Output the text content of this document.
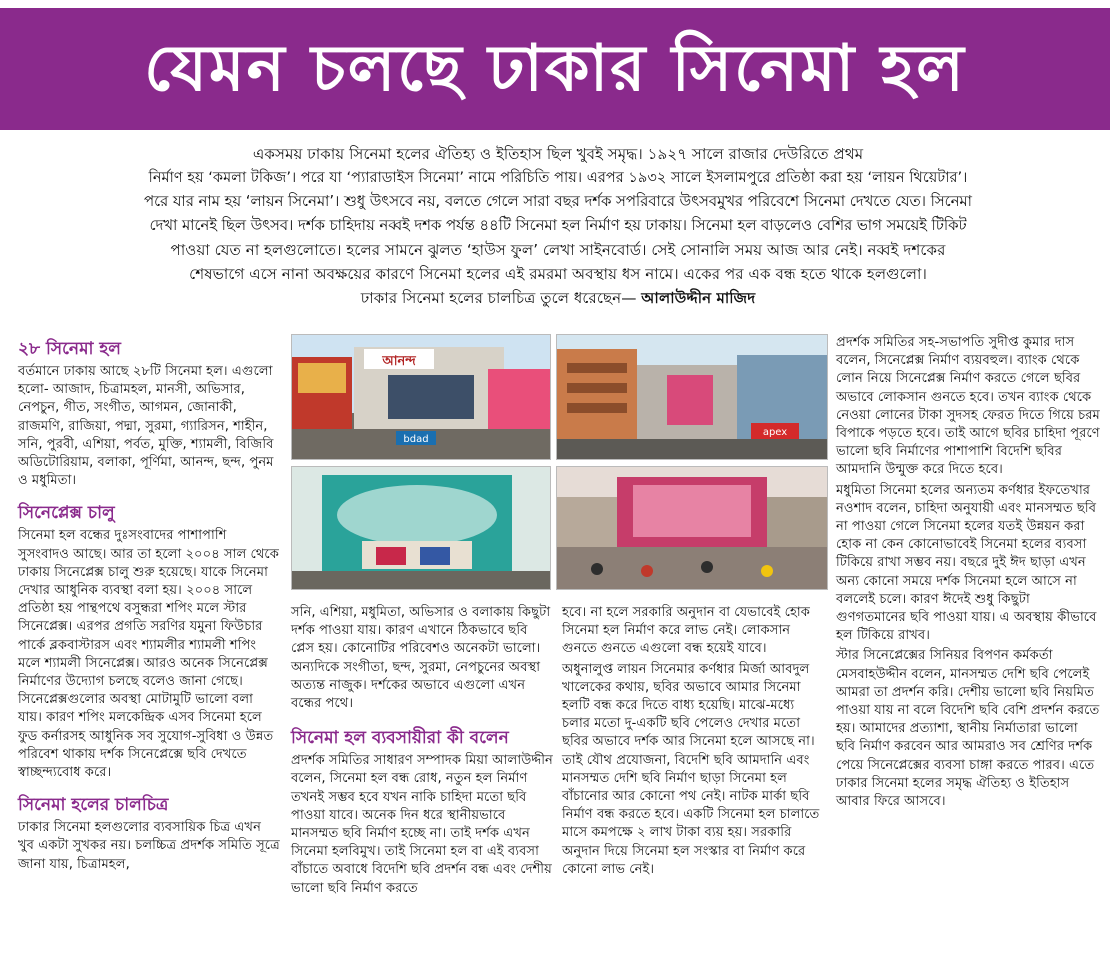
যেমন চলছে ঢাকার সিনেমা হল

একসময় ঢাকায় সিনেমা হলের ঐতিহ্য ও ইতিহাস ছিল খুবই সমৃদ্ধ। ১৯২৭ সালে রাজার দেউরিতে প্রথম

নির্মাণ হয় ‘কমলা টকিজ’। পরে যা ‘প্যারাডাইস সিনেমা’ নামে পরিচিতি পায়। এরপর ১৯৩২ সালে ইসলামপুরে প্রতিষ্ঠা করা হয় ‘লায়ন থিয়েটার’।

পরে যার নাম হয় ‘লায়ন সিনেমা’। শুধু উৎসবে নয়, বলতে গেলে সারা বছর দর্শক সপরিবারে উৎসবমুখর পরিবেশে সিনেমা দেখতে যেত। সিনেমা

দেখা মানেই ছিল উৎসব। দর্শক চাহিদায় নব্বই দশক পর্যন্ত ৪৪টি সিনেমা হল নির্মাণ হয় ঢাকায়। সিনেমা হল বাড়লেও বেশির ভাগ সময়েই টিকিট

পাওয়া যেত না হলগুলোতে। হলের সামনে ঝুলত ‘হাউস ফুল’ লেখা সাইনবোর্ড। সেই সোনালি সময় আজ আর নেই। নব্বই দশকের

শেষভাগে এসে নানা অবক্ষয়ের কারণে সিনেমা হলের এই রমরমা অবস্থায় ধস নামে। একের পর এক বন্ধ হতে থাকে হলগুলো।

ঢাকার সিনেমা হলের চালচিত্র তুলে ধরেছেন— আলাউদ্দীন মাজিদ

২৮ সিনেমা হল

বর্তমানে ঢাকায় আছে ২৮টি সিনেমা হল। এগুলো হলো- আজাদ, চিত্রামহল, মানসী, অভিসার, নেপচুন, গীত, সংগীত, আগমন, জোনাকী, রাজমণি, রাজিয়া, পদ্মা, সুরমা, গ্যারিসন, শাহীন, সনি, পুরবী, এশিয়া, পর্বত, মুক্তি, শ্যামলী, বিজিবি অডিটোরিয়াম, বলাকা, পূর্ণিমা, আনন্দ, ছন্দ, পুনম ও মধুমিতা।

সিনেপ্লেক্স চালু

সিনেমা হল বন্ধের দুঃসংবাদের পাশাপাশি সুসংবাদও আছে। আর তা হলো ২০০৪ সাল থেকে ঢাকায় সিনেপ্লেক্স চালু শুরু হয়েছে। যাকে সিনেমা দেখার আধুনিক ব্যবস্থা বলা হয়। ২০০৪ সালে প্রতিষ্ঠা হয় পান্থপথে বসুন্ধরা শপিং মলে স্টার সিনেপ্লেক্স। এরপর প্রগতি সরণির যমুনা ফিউচার পার্কে ব্লকবাস্টারস এবং শ্যামলীর শ্যামলী শপিং মলে শ্যামলী সিনেপ্লেক্স। আরও অনেক সিনেপ্লেক্স নির্মাণের উদ্যোগ চলছে বলেও জানা গেছে। সিনেপ্লেক্সগুলোর অবস্থা মোটামুটি ভালো বলা যায়। কারণ শপিং মলকেন্দ্রিক এসব সিনেমা হলে ফুড কর্নারসহ আধুনিক সব সুযোগ-সুবিধা ও উন্নত পরিবেশ থাকায় দর্শক সিনেপ্লেক্সে ছবি দেখতে স্বাচ্ছন্দ্যবোধ করে।

সিনেমা হলের চালচিত্র

ঢাকার সিনেমা হলগুলোর ব্যবসায়িক চিত্র এখন খুব একটা সুখকর নয়। চলচ্চিত্র প্রদর্শক সমিতি সূত্রে জানা যায়, চিত্রামহল,

আনন্দ
bdad
apex

সনি, এশিয়া, মধুমিতা, অভিসার ও বলাকায় কিছুটা দর্শক পাওয়া যায়। কারণ এখানে ঠিকভাবে ছবি প্লেস হয়। কোনোটির পরিবেশও অনেকটা ভালো। অন্যদিকে সংগীতা, ছন্দ, সুরমা, নেপচুনের অবস্থা অত্যন্ত নাজুক। দর্শকের অভাবে এগুলো এখন বন্ধের পথে।

সিনেমা হল ব্যবসায়ীরা কী বলেন

প্রদর্শক সমিতির সাধারণ সম্পাদক মিয়া আলাউদ্দীন বলেন, সিনেমা হল বন্ধ রোধ, নতুন হল নির্মাণ তখনই সম্ভব হবে যখন নাকি চাহিদা মতো ছবি পাওয়া যাবে। অনেক দিন ধরে স্থানীয়ভাবে মানসম্মত ছবি নির্মাণ হচ্ছে না। তাই দর্শক এখন সিনেমা হলবিমুখ। তাই সিনেমা হল বা এই ব্যবসা বাঁচাতে অবাধে বিদেশি ছবি প্রদর্শন বন্ধ এবং দেশীয় ভালো ছবি নির্মাণ করতে

হবে। না হলে সরকারি অনুদান বা যেভাবেই হোক সিনেমা হল নির্মাণ করে লাভ নেই। লোকসান গুনতে গুনতে এগুলো বন্ধ হয়েই যাবে।

অধুনালুপ্ত লায়ন সিনেমার কর্ণধার মির্জা আবদুল খালেকের কথায়, ছবির অভাবে আমার সিনেমা হলটি বন্ধ করে দিতে বাধ্য হয়েছি। মাঝে-মধ্যে চলার মতো দু-একটি ছবি পেলেও দেখার মতো ছবির অভাবে দর্শক আর সিনেমা হলে আসছে না। তাই যৌথ প্রযোজনা, বিদেশি ছবি আমদানি এবং মানসম্মত দেশি ছবি নির্মাণ ছাড়া সিনেমা হল বাঁচানোর আর কোনো পথ নেই। নাটক মার্কা ছবি নির্মাণ বন্ধ করতে হবে। একটি সিনেমা হল চালাতে মাসে কমপক্ষে ২ লাখ টাকা ব্যয় হয়। সরকারি অনুদান দিয়ে সিনেমা হল সংস্কার বা নির্মাণ করে কোনো লাভ নেই।

প্রদর্শক সমিতির সহ-সভাপতি সুদীপ্ত কুমার দাস বলেন, সিনেপ্লেক্স নির্মাণ ব্যয়বহুল। ব্যাংক থেকে লোন নিয়ে সিনেপ্লেক্স নির্মাণ করতে গেলে ছবির অভাবে লোকসান গুনতে হবে। তখন ব্যাংক থেকে নেওয়া লোনের টাকা সুদসহ ফেরত দিতে গিয়ে চরম বিপাকে পড়তে হবে। তাই আগে ছবির চাহিদা পূরণে ভালো ছবি নির্মাণের পাশাপাশি বিদেশি ছবির আমদানি উন্মুক্ত করে দিতে হবে।

মধুমিতা সিনেমা হলের অন্যতম কর্ণধার ইফতেখার নওশাদ বলেন, চাহিদা অনুযায়ী এবং মানসম্মত ছবি না পাওয়া গেলে সিনেমা হলের যতই উন্নয়ন করা হোক না কেন কোনোভাবেই সিনেমা হলের ব্যবসা টিকিয়ে রাখা সম্ভব নয়। বছরে দুই ঈদ ছাড়া এখন অন্য কোনো সময়ে দর্শক সিনেমা হলে আসে না বললেই চলে। কারণ ঈদেই শুধু কিছুটা গুণগতমানের ছবি পাওয়া যায়। এ অবস্থায় কীভাবে হল টিকিয়ে রাখব।

স্টার সিনেপ্লেক্সের সিনিয়র বিপণন কর্মকর্তা মেসবাহউদ্দীন বলেন, মানসম্মত দেশি ছবি পেলেই আমরা তা প্রদর্শন করি। দেশীয় ভালো ছবি নিয়মিত পাওয়া যায় না বলে বিদেশি ছবি বেশি প্রদর্শন করতে হয়। আমাদের প্রত্যাশা, স্থানীয় নির্মাতারা ভালো ছবি নির্মাণ করবেন আর আমরাও সব শ্রেণির দর্শক পেয়ে সিনেপ্লেক্সের ব্যবসা চাঙ্গা করতে পারব। এতে ঢাকার সিনেমা হলের সমৃদ্ধ ঐতিহ্য ও ইতিহাস আবার ফিরে আসবে।
